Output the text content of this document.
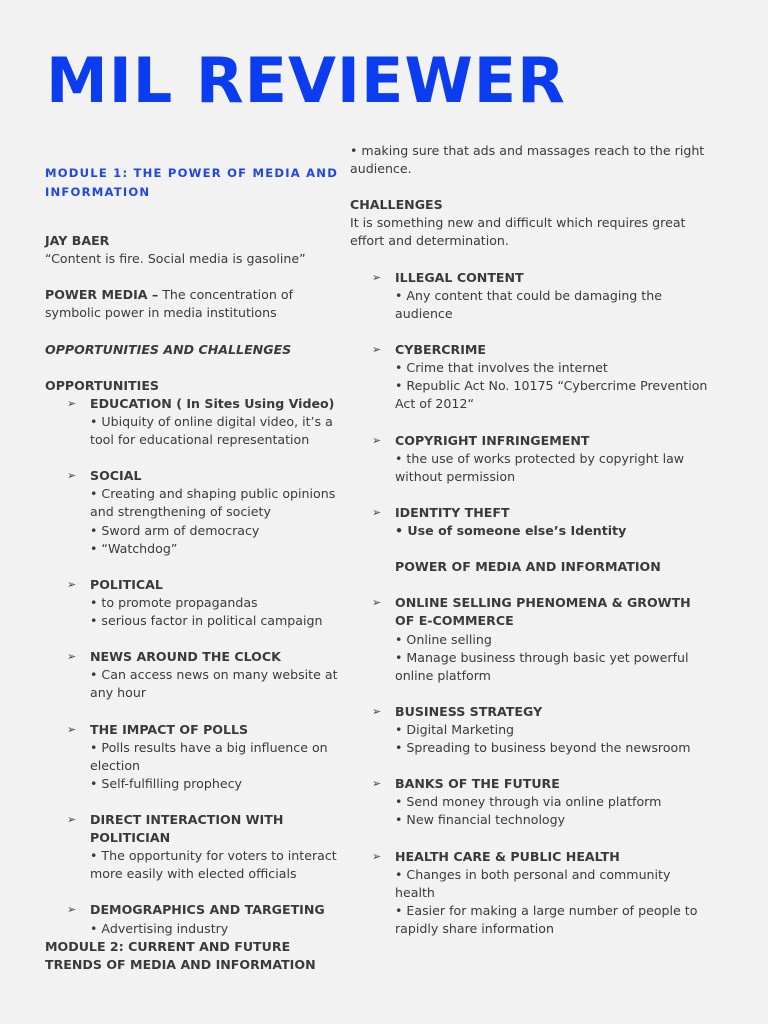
MIL REVIEWER

MODULE 1: THE POWER OF MEDIA AND INFORMATION

JAY BAER

“Content is fire. Social media is gasoline”

POWER MEDIA – The concentration of symbolic power in media institutions

OPPORTUNITIES AND CHALLENGES

OPPORTUNITIES

➢ EDUCATION ( In Sites Using Video)

• Ubiquity of online digital video, it’s a tool for educational representation

➢ SOCIAL

• Creating and shaping public opinions and strengthening of society

• Sword arm of democracy

• “Watchdog”

➢ POLITICAL

• to promote propagandas

• serious factor in political campaign

➢ NEWS AROUND THE CLOCK

• Can access news on many website at any hour

➢ THE IMPACT OF POLLS

• Polls results have a big influence on election

• Self-fulfilling prophecy

➢ DIRECT INTERACTION WITH POLITICIAN

• The opportunity for voters to interact more easily with elected officials

➢ DEMOGRAPHICS AND TARGETING

• Advertising industry

MODULE 2: CURRENT AND FUTURE TRENDS OF MEDIA AND INFORMATION

• making sure that ads and massages reach to the right audience.

CHALLENGES

It is something new and difficult which requires great effort and determination.

➢ ILLEGAL CONTENT

• Any content that could be damaging the audience

➢ CYBERCRIME

• Crime that involves the internet

• Republic Act No. 10175 “Cybercrime Prevention Act of 2012“

➢ COPYRIGHT INFRINGEMENT

• the use of works protected by copyright law without permission

➢ IDENTITY THEFT

• Use of someone else’s Identity

POWER OF MEDIA AND INFORMATION

➢ ONLINE SELLING PHENOMENA & GROWTH OF E-COMMERCE

• Online selling

• Manage business through basic yet powerful online platform

➢ BUSINESS STRATEGY

• Digital Marketing

• Spreading to business beyond the newsroom

➢ BANKS OF THE FUTURE

• Send money through via online platform

• New financial technology

➢ HEALTH CARE & PUBLIC HEALTH

• Changes in both personal and community health

• Easier for making a large number of people to rapidly share information
